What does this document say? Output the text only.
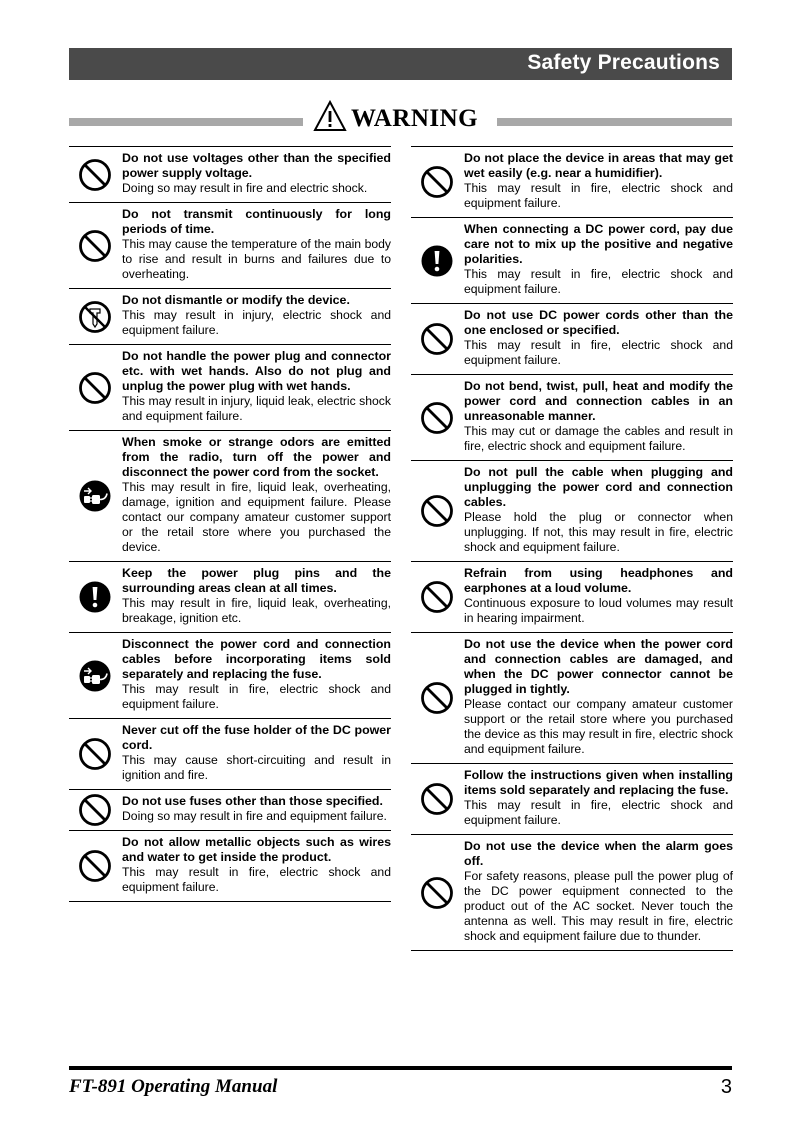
Safety Precautions
WARNING
Do not use voltages other than the specified power supply voltage.
Doing so may result in fire and electric shock.
Do not transmit continuously for long periods of time.
This may cause the temperature of the main body to rise and result in burns and failures due to overheating.
Do not dismantle or modify the device.
This may result in injury, electric shock and equipment failure.
Do not handle the power plug and connector etc. with wet hands. Also do not plug and unplug the power plug with wet hands.
This may result in injury, liquid leak, electric shock and equipment failure.
When smoke or strange odors are emitted from the radio, turn off the power and disconnect the power cord from the socket.
This may result in fire, liquid leak, overheating, damage, ignition and equipment failure. Please contact our company amateur customer support or the retail store where you purchased the device.
Keep the power plug pins and the surrounding areas clean at all times.
This may result in fire, liquid leak, overheating, breakage, ignition etc.
Disconnect the power cord and connection cables before incorporating items sold separately and replacing the fuse.
This may result in fire, electric shock and equipment failure.
Never cut off the fuse holder of the DC power cord.
This may cause short-circuiting and result in ignition and fire.
Do not use fuses other than those specified.
Doing so may result in fire and equipment failure.
Do not allow metallic objects such as wires and water to get inside the product.
This may result in fire, electric shock and equipment failure.
Do not place the device in areas that may get wet easily (e.g. near a humidifier).
This may result in fire, electric shock and equipment failure.
When connecting a DC power cord, pay due care not to mix up the positive and negative polarities.
This may result in fire, electric shock and equipment failure.
Do not use DC power cords other than the one enclosed or specified.
This may result in fire, electric shock and equipment failure.
Do not bend, twist, pull, heat and modify the power cord and connection cables in an unreasonable manner.
This may cut or damage the cables and result in fire, electric shock and equipment failure.
Do not pull the cable when plugging and unplugging the power cord and connection cables.
Please hold the plug or connector when unplugging. If not, this may result in fire, electric shock and equipment failure.
Refrain from using headphones and earphones at a loud volume.
Continuous exposure to loud volumes may result in hearing impairment.
Do not use the device when the power cord and connection cables are damaged, and when the DC power connector cannot be plugged in tightly.
Please contact our company amateur customer support or the retail store where you purchased the device as this may result in fire, electric shock and equipment failure.
Follow the instructions given when installing items sold separately and replacing the fuse.
This may result in fire, electric shock and equipment failure.
Do not use the device when the alarm goes off.
For safety reasons, please pull the power plug of the DC power equipment connected to the product out of the AC socket. Never touch the antenna as well. This may result in fire, electric shock and equipment failure due to thunder.
FT-891 Operating Manual	3
